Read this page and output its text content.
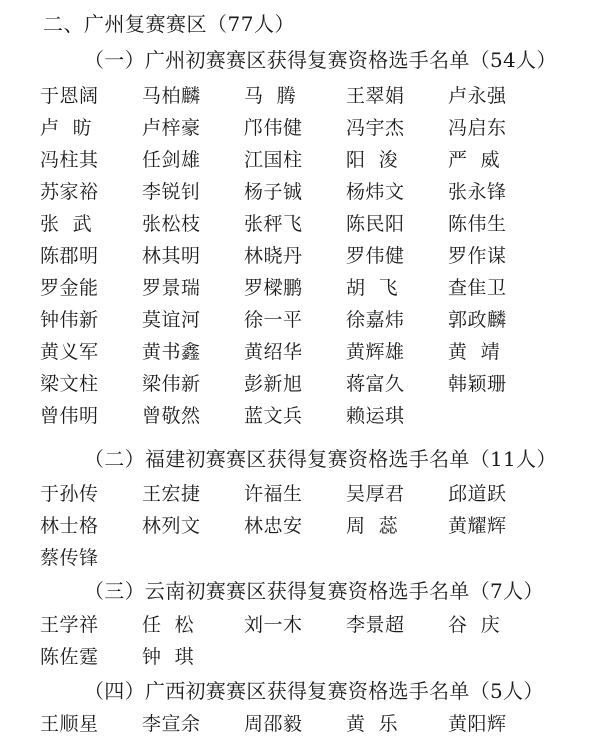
二、广州复赛赛区（77人）
（一）广州初赛赛区获得复赛资格选手名单（54人）
于恩阔	马柏麟	马  腾	王翠娟	卢永强
卢  昉	卢梓豪	邝伟健	冯宇杰	冯启东
冯柱其	任剑雄	江国柱	阳  浚	严  威
苏家裕	李锐钊	杨子铖	杨炜文	张永锋
张  武	张松枝	张秤飞	陈民阳	陈伟生
陈郡明	林其明	林晓丹	罗伟健	罗作谋
罗金能	罗景瑞	罗樑鹏	胡  飞	查隹卫
钟伟新	莫谊河	徐一平	徐嘉炜	郭政麟
黄义军	黄书鑫	黄绍华	黄辉雄	黄  靖
梁文柱	梁伟新	彭新旭	蒋富久	韩颖珊
曾伟明	曾敬然	蓝文兵	赖运琪
（二）福建初赛赛区获得复赛资格选手名单（11人）
于孙传	王宏捷	许福生	吴厚君	邱道跃
林士格	林列文	林忠安	周  蕊	黄耀辉
蔡传锋
（三）云南初赛赛区获得复赛资格选手名单（7人）
王学祥	任  松	刘一木	李景超	谷  庆
陈佐霆	钟  琪
（四）广西初赛赛区获得复赛资格选手名单（5人）
王顺星	李宣余	周邵毅	黄  乐	黄阳辉
